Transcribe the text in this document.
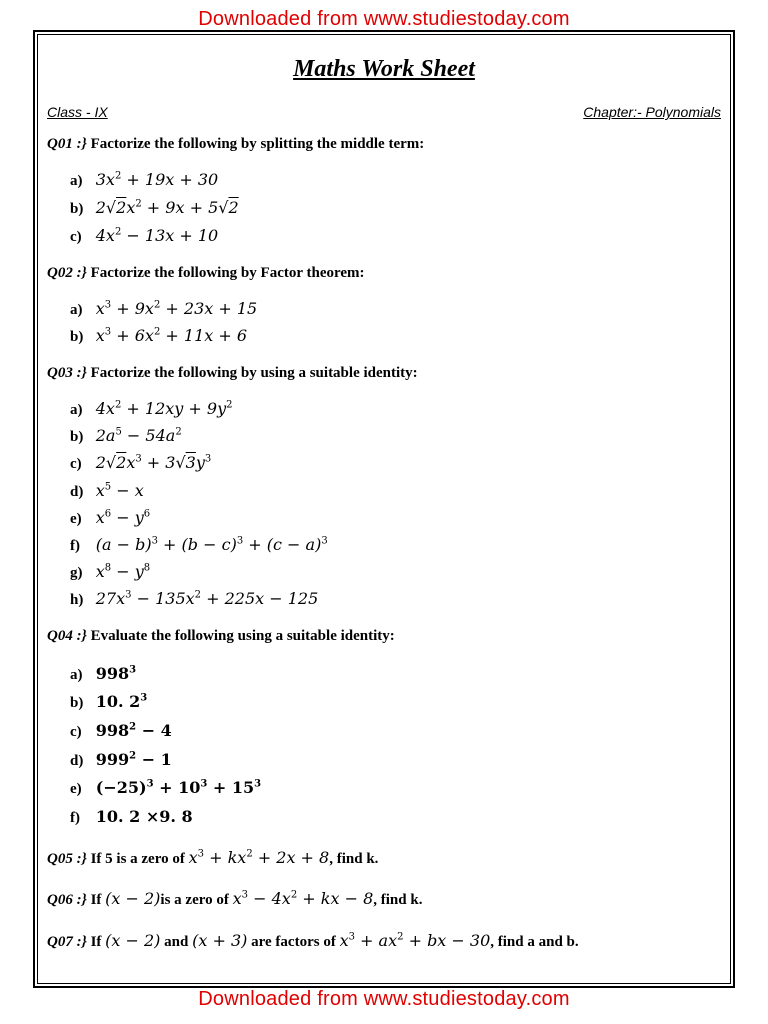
Downloaded from www.studiestoday.com
Maths Work Sheet
Class - IX	Chapter:- Polynomials
Q01 :} Factorize the following by splitting the middle term:
a) $3x^2 + 19x + 30$
b) $2√2x^2 + 9x + 5√2$
c) $4x^2 - 13x + 10$
Q02 :} Factorize the following by Factor theorem:
a) $x^3 + 9x^2 + 23x + 15$
b) $x^3 + 6x^2 + 11x + 6$
Q03 :} Factorize the following by using a suitable identity:
a) $4x^2 + 12xy + 9y^2$
b) $2a^5 - 54a^2$
c) $2√2x^3 + 3√3y^3$
d) $x^5 - x$
e) $x^6 - y^6$
f) $(a - b)^3 + (b - c)^3 + (c - a)^3$
g) $x^8 - y^8$
h) $27x^3 - 135x^2 + 225x - 125$
Q04 :} Evaluate the following using a suitable identity:
a) $998^3$
b) 10. $2^3$
c) $998^2 - 4$
d) $999^2 - 1$
e) $(-25)^3 + 10^3 + 15^3$
f) 10. 2 ×9. 8
Q05 :} If 5 is a zero of $x^3 + kx^2 + 2x + 8$, find k.
Q06 :} If (x − 2)is a zero of $x^3 - 4x^2$ + kx − 8, find k.
Q07 :} If (x − 2) and (x + 3) are factors of $x^3 + ax^2$ + bx − 30, find a and b.
Downloaded from www.studiestoday.com
